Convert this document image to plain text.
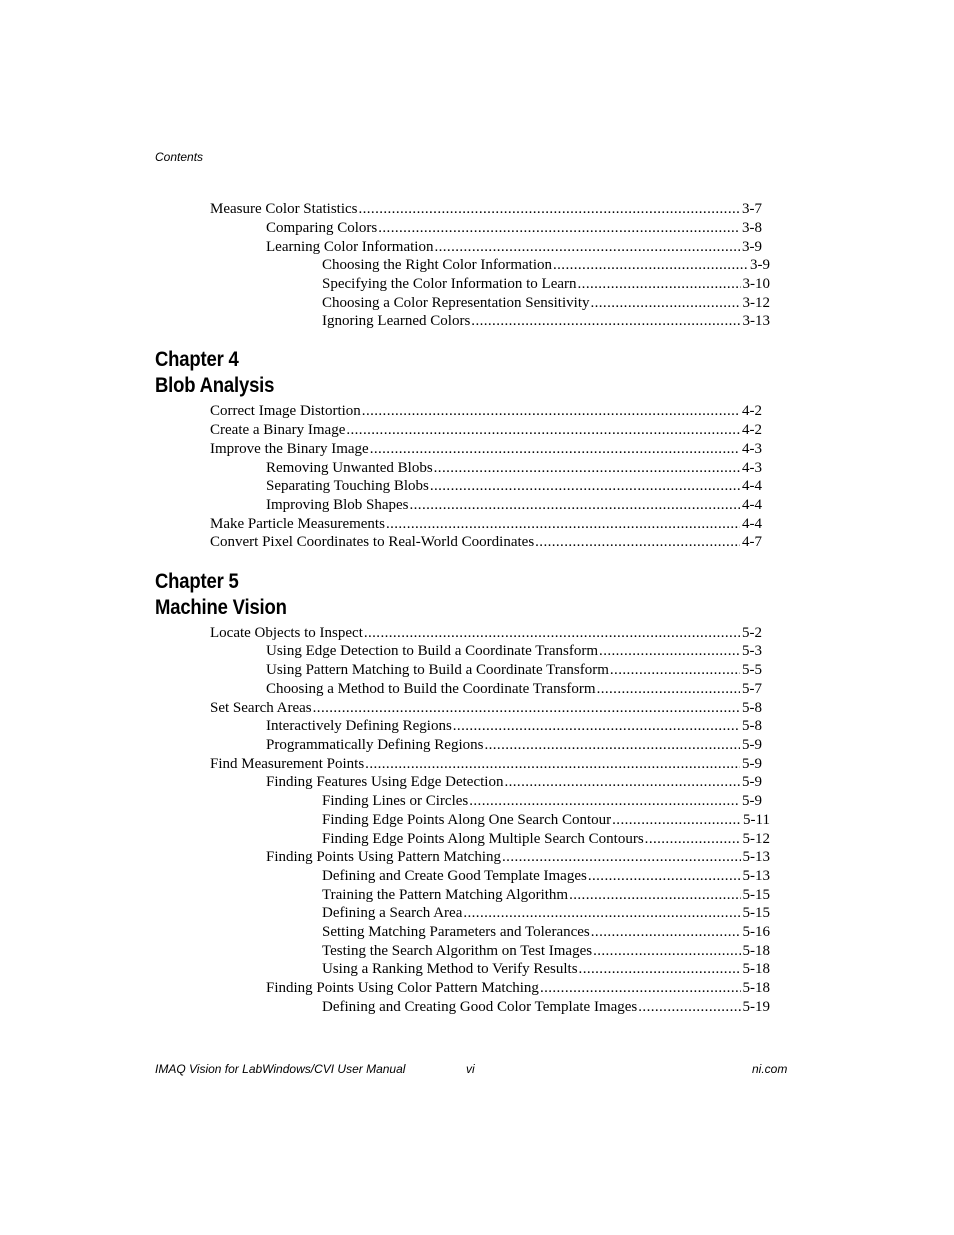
Contents
Measure Color Statistics .....	3-7
Comparing Colors .....	3-8
Learning Color Information .....	3-9
Choosing the Right Color Information .....	3-9
Specifying the Color Information to Learn .....	3-10
Choosing a Color Representation Sensitivity .....	3-12
Ignoring Learned Colors .....	3-13
Chapter 4
Blob Analysis
Correct Image Distortion .....	4-2
Create a Binary Image .....	4-2
Improve the Binary Image .....	4-3
Removing Unwanted Blobs .....	4-3
Separating Touching Blobs .....	4-4
Improving Blob Shapes .....	4-4
Make Particle Measurements .....	4-4
Convert Pixel Coordinates to Real-World Coordinates .....	4-7
Chapter 5
Machine Vision
Locate Objects to Inspect .....	5-2
Using Edge Detection to Build a Coordinate Transform .....	5-3
Using Pattern Matching to Build a Coordinate Transform .....	5-5
Choosing a Method to Build the Coordinate Transform .....	5-7
Set Search Areas .....	5-8
Interactively Defining Regions .....	5-8
Programmatically Defining Regions .....	5-9
Find Measurement Points .....	5-9
Finding Features Using Edge Detection .....	5-9
Finding Lines or Circles .....	5-9
Finding Edge Points Along One Search Contour .....	5-11
Finding Edge Points Along Multiple Search Contours .....	5-12
Finding Points Using Pattern Matching .....	5-13
Defining and Create Good Template Images .....	5-13
Training the Pattern Matching Algorithm .....	5-15
Defining a Search Area .....	5-15
Setting Matching Parameters and Tolerances .....	5-16
Testing the Search Algorithm on Test Images .....	5-18
Using a Ranking Method to Verify Results .....	5-18
Finding Points Using Color Pattern Matching .....	5-18
Defining and Creating Good Color Template Images .....	5-19
IMAQ Vision for LabWindows/CVI User Manual	vi	ni.com
